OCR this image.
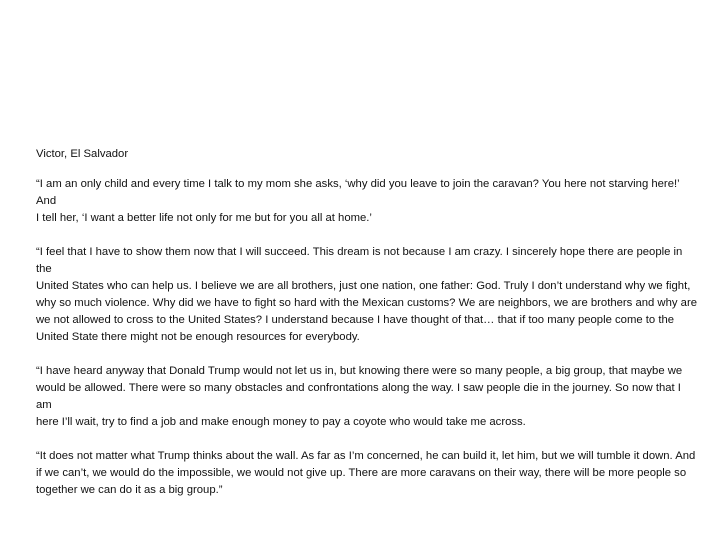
Victor, El Salvador

“I am an only child and every time I talk to my mom she asks, ‘why did you leave to join the caravan? You here not starving here!’ And
I tell her, ‘I want a better life not only for me but for you all at home.’

“I feel that I have to show them now that I will succeed. This dream is not because I am crazy. I sincerely hope there are people in the
United States who can help us. I believe we are all brothers, just one nation, one father: God. Truly I don’t understand why we fight,
why so much violence. Why did we have to fight so hard with the Mexican customs? We are neighbors, we are brothers and why are
we not allowed to cross to the United States? I understand because I have thought of that… that if too many people come to the
United State there might not be enough resources for everybody.

“I have heard anyway that Donald Trump would not let us in, but knowing there were so many people, a big group, that maybe we
would be allowed. There were so many obstacles and confrontations along the way. I saw people die in the journey. So now that I am
here I’ll wait, try to find a job and make enough money to pay a coyote who would take me across.

“It does not matter what Trump thinks about the wall. As far as I’m concerned, he can build it, let him, but we will tumble it down. And
if we can’t, we would do the impossible, we would not give up. There are more caravans on their way, there will be more people so
together we can do it as a big group.”
